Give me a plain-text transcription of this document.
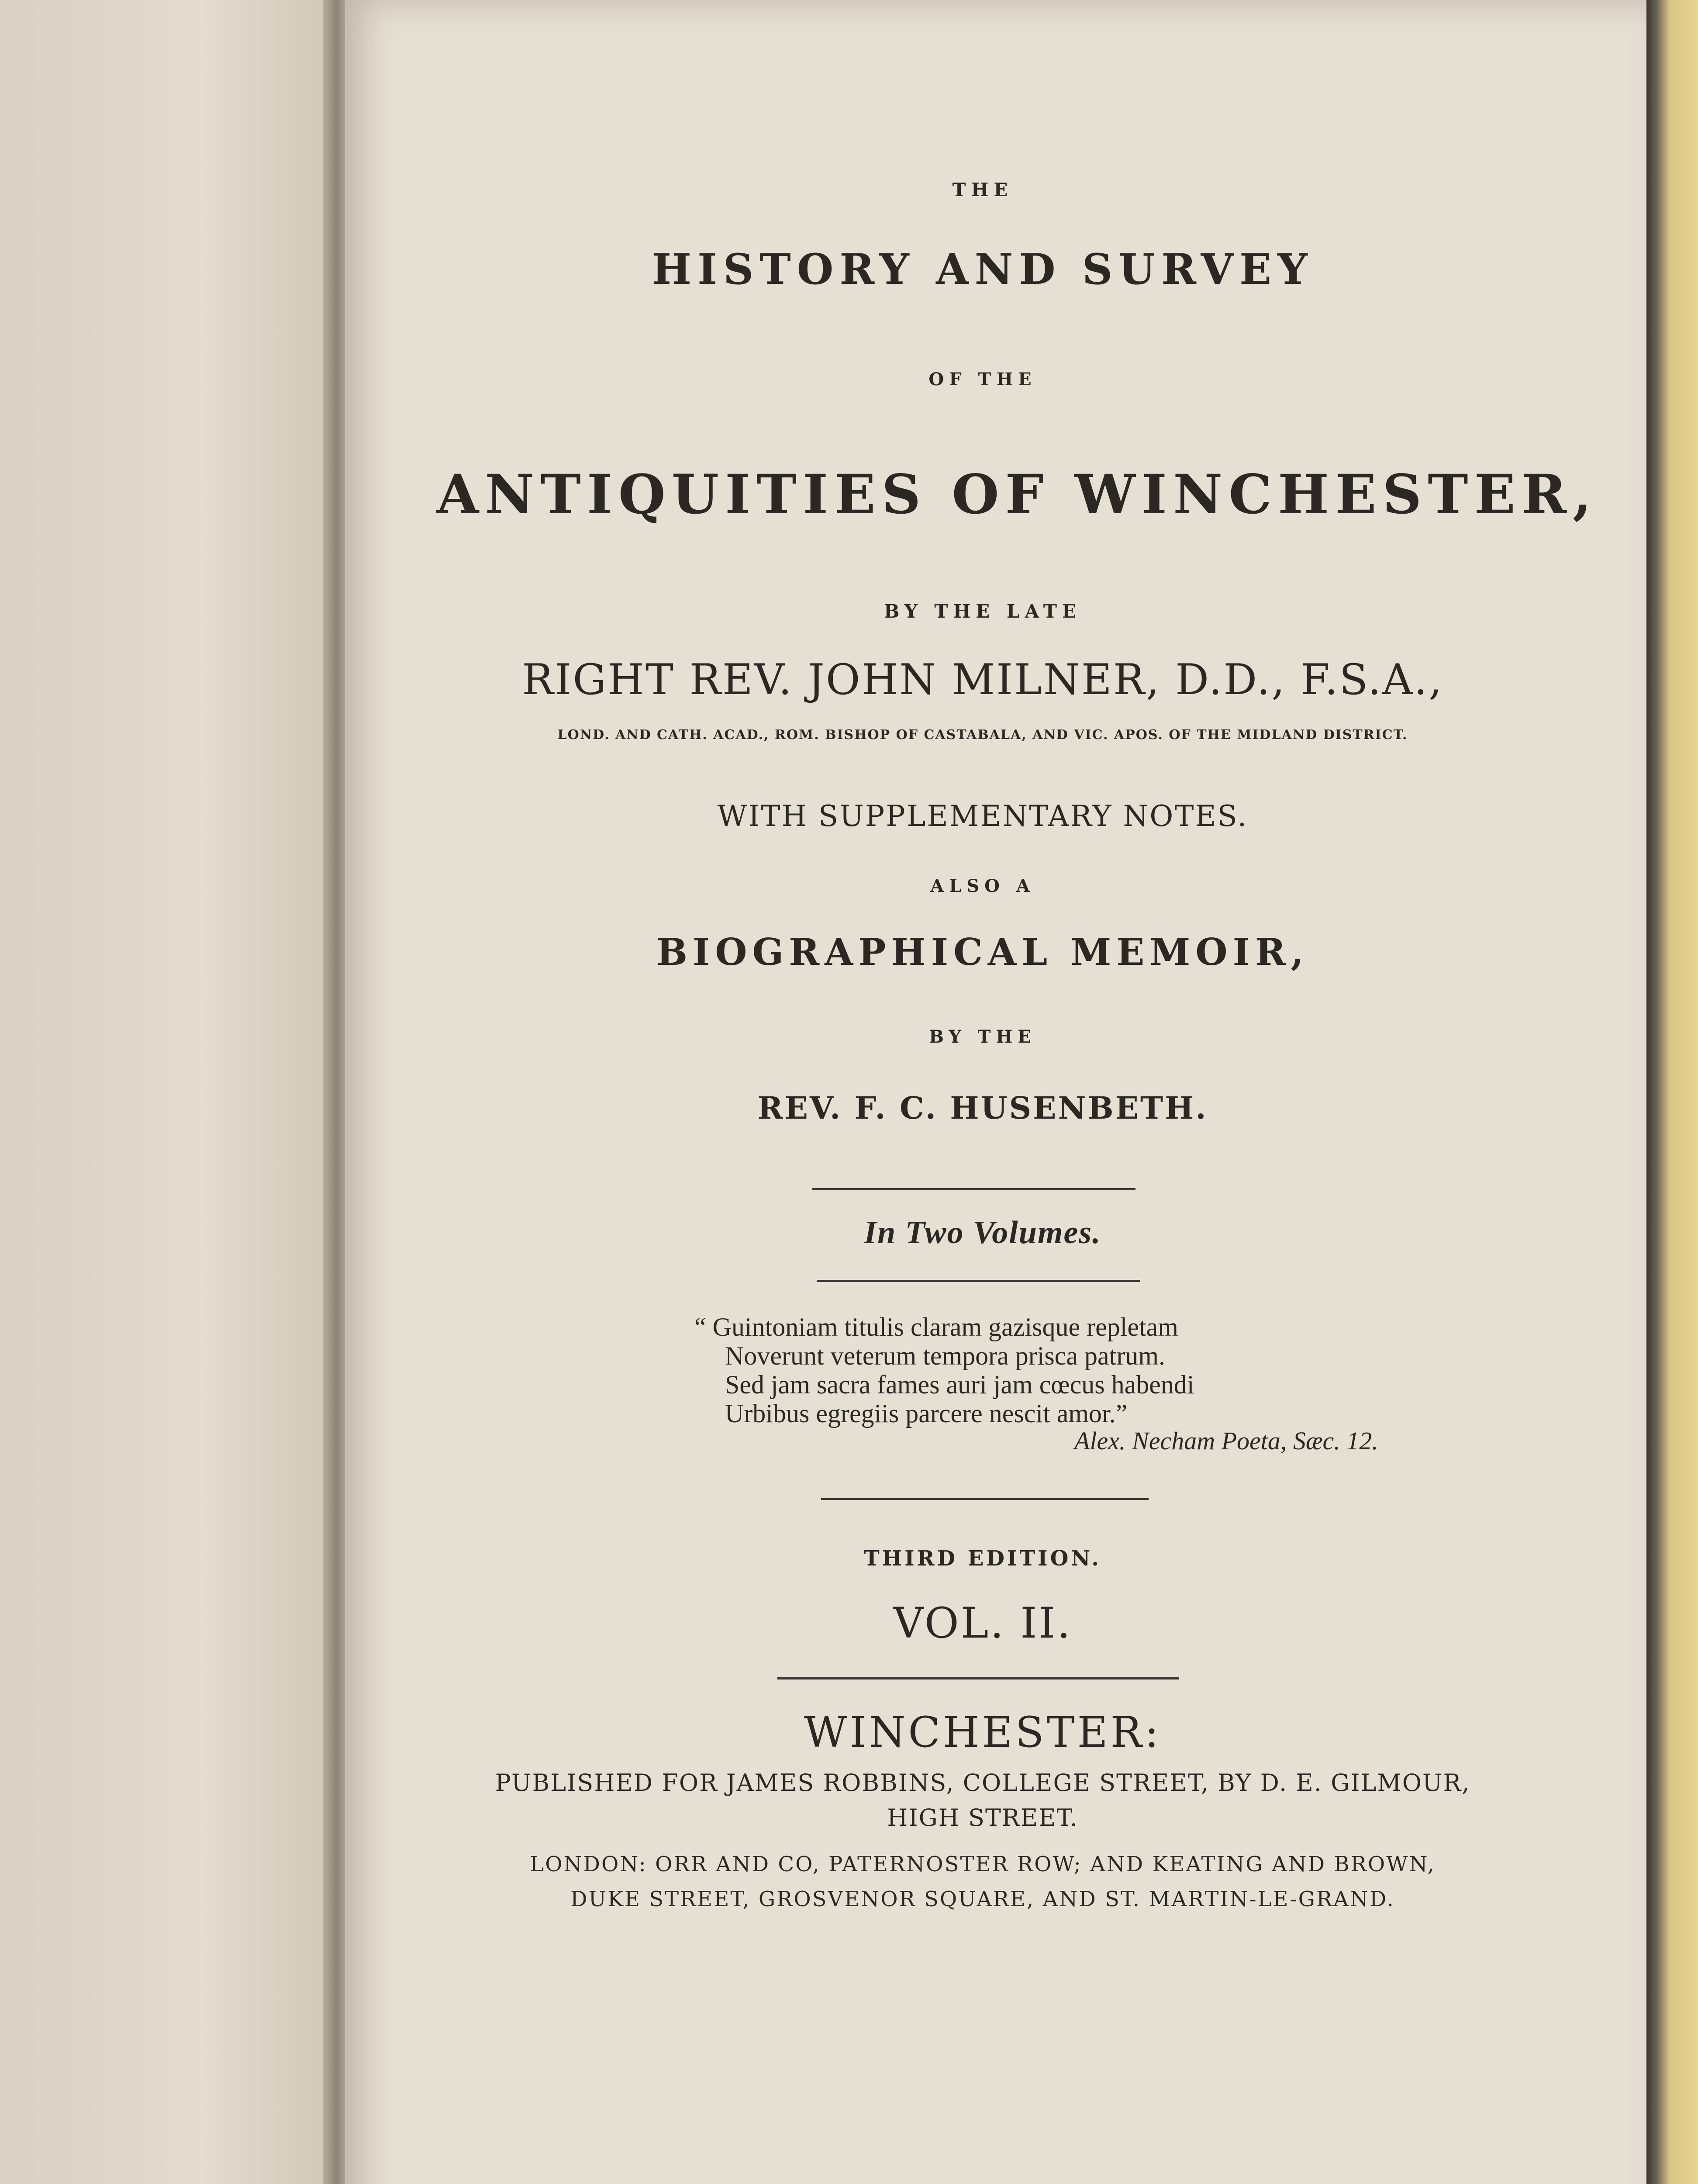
THE
HISTORY AND SURVEY
OF THE
ANTIQUITIES OF WINCHESTER,
BY THE LATE
RIGHT REV. JOHN MILNER, D.D., F.S.A.,
LOND. AND CATH. ACAD., ROM. BISHOP OF CASTABALA, AND VIC. APOS. OF THE MIDLAND DISTRICT.
WITH SUPPLEMENTARY NOTES.
ALSO A
BIOGRAPHICAL MEMOIR,
BY THE
REV. F. C. HUSENBETH.
In Two Volumes.
THIRD EDITION.
VOL. II.
WINCHESTER:
PUBLISHED FOR JAMES ROBBINS, COLLEGE STREET, BY D. E. GILMOUR,
HIGH STREET.
LONDON: ORR AND CO, PATERNOSTER ROW; AND KEATING AND BROWN,
DUKE STREET, GROSVENOR SQUARE, AND ST. MARTIN-LE-GRAND.
“ Guintoniam titulis claram gazisque repletam
Noverunt veterum tempora prisca patrum.
Sed jam sacra fames auri jam cœcus habendi
Urbibus egregiis parcere nescit amor.”
Alex. Necham Poeta, Sæc. 12.
